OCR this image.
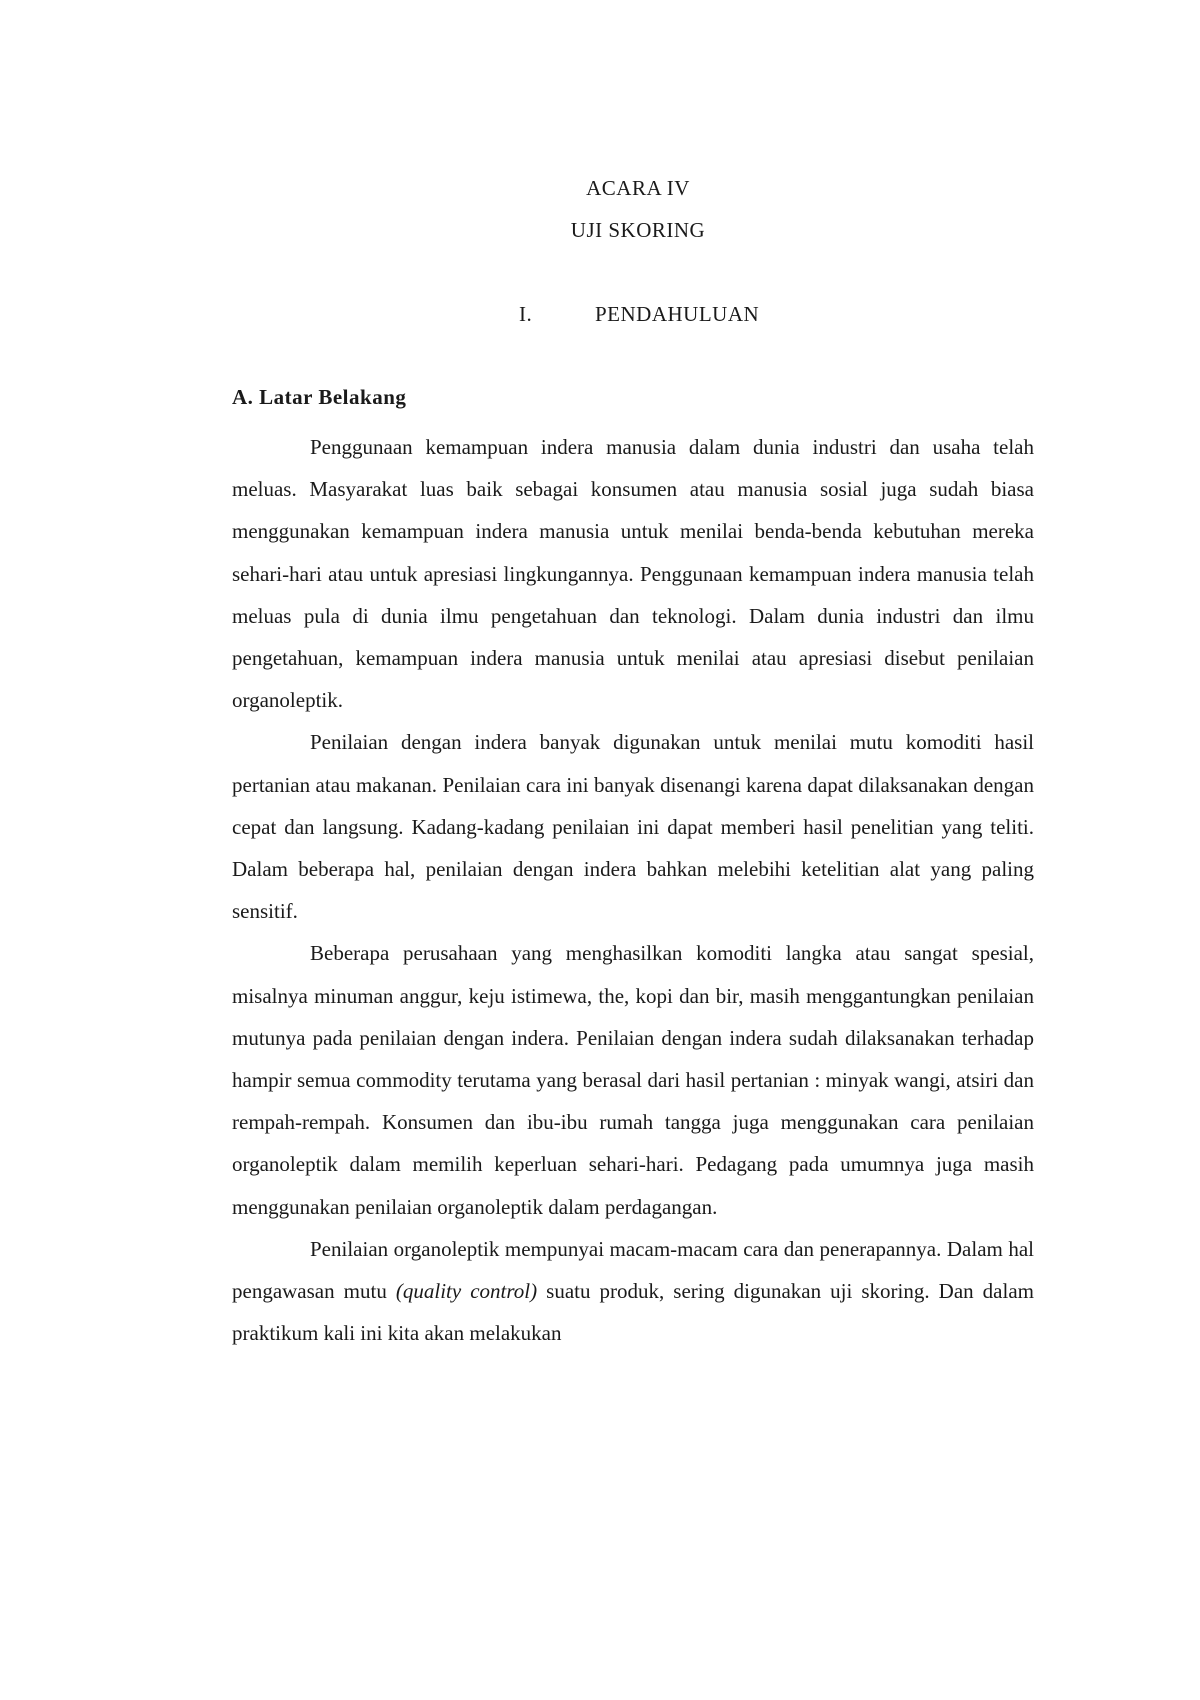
ACARA IV
UJI SKORING
I.	PENDAHULUAN
A. Latar Belakang

Penggunaan kemampuan indera manusia dalam dunia industri dan usaha telah meluas. Masyarakat luas baik sebagai konsumen atau manusia sosial juga sudah biasa menggunakan kemampuan indera manusia untuk menilai benda-benda kebutuhan mereka sehari-hari atau untuk apresiasi lingkungannya. Penggunaan kemampuan indera manusia telah meluas pula di dunia ilmu pengetahuan dan teknologi. Dalam dunia industri dan ilmu pengetahuan, kemampuan indera manusia untuk menilai atau apresiasi disebut penilaian organoleptik.

Penilaian dengan indera banyak digunakan untuk menilai mutu komoditi hasil pertanian atau makanan. Penilaian cara ini banyak disenangi karena dapat dilaksanakan dengan cepat dan langsung. Kadang-kadang penilaian ini dapat memberi hasil penelitian yang teliti. Dalam beberapa hal, penilaian dengan indera bahkan melebihi ketelitian alat yang paling sensitif.

Beberapa perusahaan yang menghasilkan komoditi langka atau sangat spesial, misalnya minuman anggur, keju istimewa, the, kopi dan bir, masih menggantungkan penilaian mutunya pada penilaian dengan indera. Penilaian dengan indera sudah dilaksanakan terhadap hampir semua commodity terutama yang berasal dari hasil pertanian : minyak wangi, atsiri dan rempah-rempah. Konsumen dan ibu-ibu rumah tangga juga menggunakan cara penilaian organoleptik dalam memilih keperluan sehari-hari. Pedagang pada umumnya juga masih menggunakan penilaian organoleptik dalam perdagangan.

Penilaian organoleptik mempunyai macam-macam cara dan penerapannya. Dalam hal pengawasan mutu (quality control) suatu produk, sering digunakan uji skoring. Dan dalam praktikum kali ini kita akan melakukan
